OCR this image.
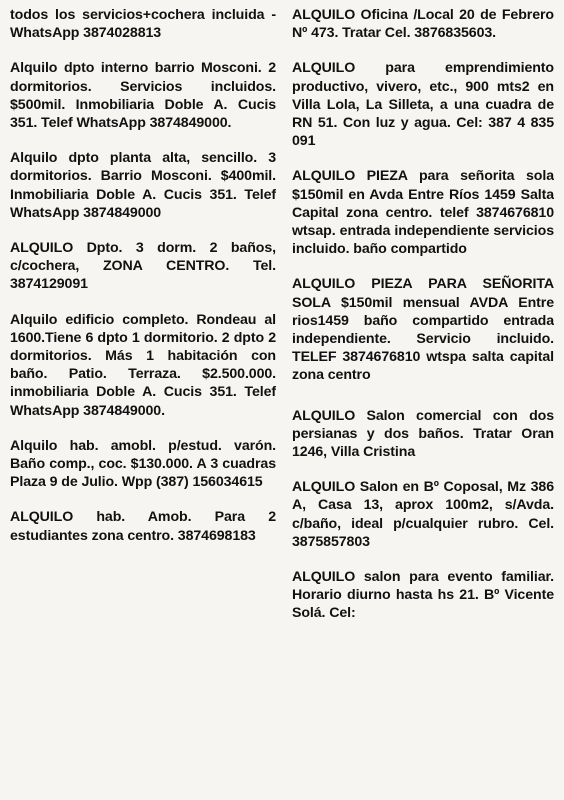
todos los servicios+cochera incluida - WhatsApp 3874028813

Alquilo dpto interno barrio Mosconi. 2 dormitorios. Servicios incluidos. $500mil. Inmobiliaria Doble A. Cucis 351. Telef WhatsApp 3874849000.

Alquilo dpto planta alta, sencillo. 3 dormitorios. Barrio Mosconi. $400mil. Inmobiliaria Doble A. Cucis 351. Telef WhatsApp 3874849000

ALQUILO Dpto. 3 dorm. 2 baños, c/cochera, ZONA CENTRO. Tel. 3874129091

Alquilo edificio completo. Rondeau al 1600.Tiene 6 dpto 1 dormitorio. 2 dpto 2 dormitorios. Más 1 habitación con baño. Patio. Terraza. $2.500.000. inmobiliaria Doble A. Cucis 351. Telef WhatsApp 3874849000.

Alquilo hab. amobl. p/estud. varón. Baño comp., coc. $130.000. A 3 cuadras Plaza 9 de Julio. Wpp (387) 156034615

ALQUILO hab. Amob. Para 2 estudiantes zona centro. 3874698183

ALQUILO Oficina /Local 20 de Febrero Nº 473. Tratar Cel. 3876835603.

ALQUILO para emprendimiento productivo, vivero, etc., 900 mts2 en Villa Lola, La Silleta, a una cuadra de RN 51. Con luz y agua. Cel: 387 4 835 091

ALQUILO PIEZA para señorita sola $150mil en Avda Entre Ríos 1459 Salta Capital zona centro. telef 3874676810 wtsap. entrada independiente servicios incluido. baño compartido

ALQUILO PIEZA PARA SEÑORITA SOLA $150mil mensual AVDA Entre rios1459 baño compartido entrada independiente. Servicio incluido. TELEF 3874676810 wtspa salta capital zona centro

ALQUILO Salon comercial con dos persianas y dos baños. Tratar Oran 1246, Villa Cristina

ALQUILO Salon en Bº Coposal, Mz 386 A, Casa 13, aprox 100m2, s/Avda. c/baño, ideal p/cualquier rubro. Cel. 3875857803

ALQUILO salon para evento familiar. Horario diurno hasta hs 21. Bº Vicente Solá. Cel:
